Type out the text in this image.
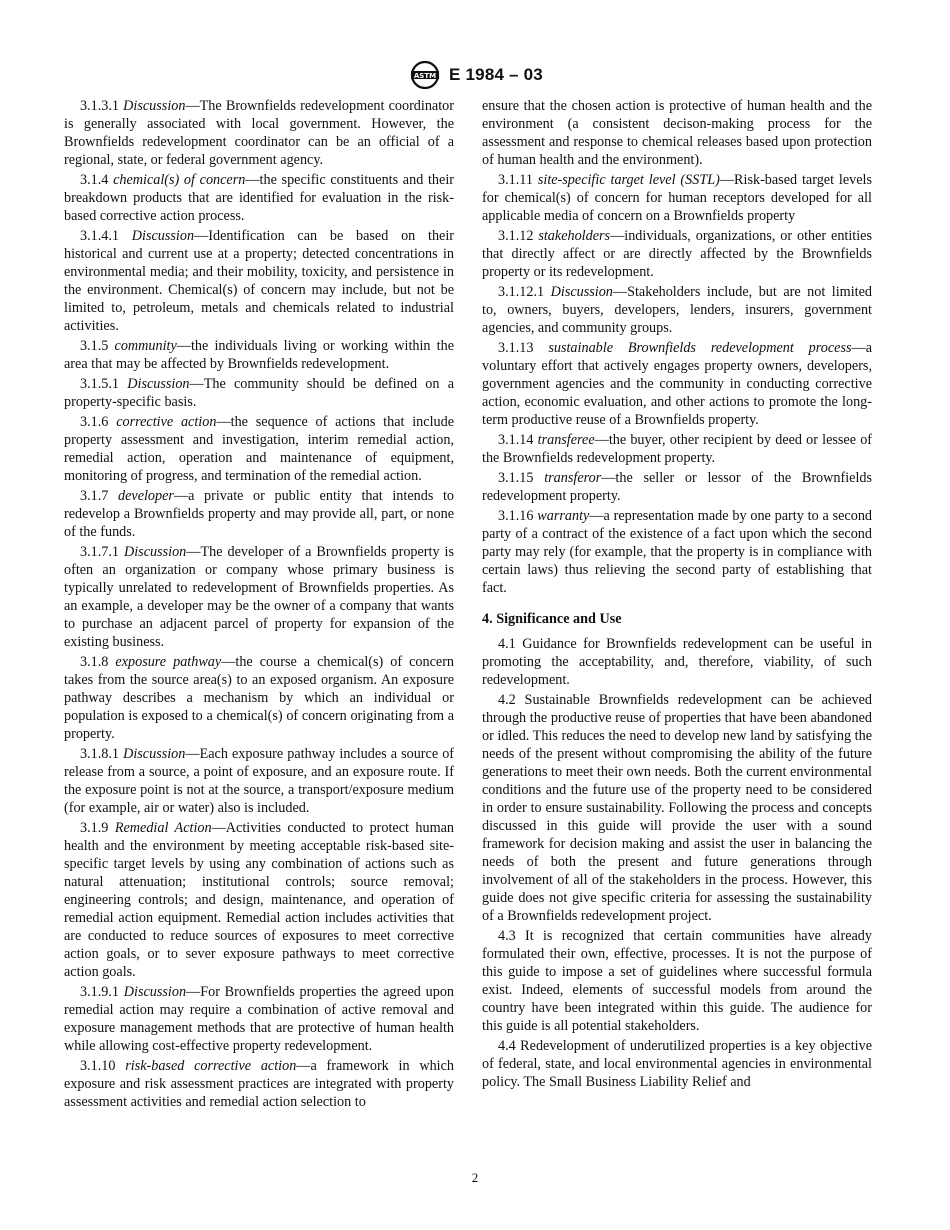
ASTM E 1984 – 03

3.1.3.1 Discussion—The Brownfields redevelopment coordinator is generally associated with local government. However, the Brownfields redevelopment coordinator can be an official of a regional, state, or federal government agency.

3.1.4 chemical(s) of concern—the specific constituents and their breakdown products that are identified for evaluation in the risk-based corrective action process.

3.1.4.1 Discussion—Identification can be based on their historical and current use at a property; detected concentrations in environmental media; and their mobility, toxicity, and persistence in the environment. Chemical(s) of concern may include, but not be limited to, petroleum, metals and chemicals related to industrial activities.

3.1.5 community—the individuals living or working within the area that may be affected by Brownfields redevelopment.

3.1.5.1 Discussion—The community should be defined on a property-specific basis.

3.1.6 corrective action—the sequence of actions that include property assessment and investigation, interim remedial action, remedial action, operation and maintenance of equipment, monitoring of progress, and termination of the remedial action.

3.1.7 developer—a private or public entity that intends to redevelop a Brownfields property and may provide all, part, or none of the funds.

3.1.7.1 Discussion—The developer of a Brownfields property is often an organization or company whose primary business is typically unrelated to redevelopment of Brownfields properties. As an example, a developer may be the owner of a company that wants to purchase an adjacent parcel of property for expansion of the existing business.

3.1.8 exposure pathway—the course a chemical(s) of concern takes from the source area(s) to an exposed organism. An exposure pathway describes a mechanism by which an individual or population is exposed to a chemical(s) of concern originating from a property.

3.1.8.1 Discussion—Each exposure pathway includes a source of release from a source, a point of exposure, and an exposure route. If the exposure point is not at the source, a transport/exposure medium (for example, air or water) also is included.

3.1.9 Remedial Action—Activities conducted to protect human health and the environment by meeting acceptable risk-based site-specific target levels by using any combination of actions such as natural attenuation; institutional controls; source removal; engineering controls; and design, maintenance, and operation of remedial action equipment. Remedial action includes activities that are conducted to reduce sources of exposures to meet corrective action goals, or to sever exposure pathways to meet corrective action goals.

3.1.9.1 Discussion—For Brownfields properties the agreed upon remedial action may require a combination of active removal and exposure management methods that are protective of human health while allowing cost-effective property redevelopment.

3.1.10 risk-based corrective action—a framework in which exposure and risk assessment practices are integrated with property assessment activities and remedial action selection to

ensure that the chosen action is protective of human health and the environment (a consistent decison-making process for the assessment and response to chemical releases based upon protection of human health and the environment).

3.1.11 site-specific target level (SSTL)—Risk-based target levels for chemical(s) of concern for human receptors developed for all applicable media of concern on a Brownfields property

3.1.12 stakeholders—individuals, organizations, or other entities that directly affect or are directly affected by the Brownfields property or its redevelopment.

3.1.12.1 Discussion—Stakeholders include, but are not limited to, owners, buyers, developers, lenders, insurers, government agencies, and community groups.

3.1.13 sustainable Brownfields redevelopment process—a voluntary effort that actively engages property owners, developers, government agencies and the community in conducting corrective action, economic evaluation, and other actions to promote the long-term productive reuse of a Brownfields property.

3.1.14 transferee—the buyer, other recipient by deed or lessee of the Brownfields redevelopment property.

3.1.15 transferor—the seller or lessor of the Brownfields redevelopment property.

3.1.16 warranty—a representation made by one party to a second party of a contract of the existence of a fact upon which the second party may rely (for example, that the property is in compliance with certain laws) thus relieving the second party of establishing that fact.

4. Significance and Use

4.1 Guidance for Brownfields redevelopment can be useful in promoting the acceptability, and, therefore, viability, of such redevelopment.

4.2 Sustainable Brownfields redevelopment can be achieved through the productive reuse of properties that have been abandoned or idled. This reduces the need to develop new land by satisfying the needs of the present without compromising the ability of the future generations to meet their own needs. Both the current environmental conditions and the future use of the property need to be considered in order to ensure sustainability. Following the process and concepts discussed in this guide will provide the user with a sound framework for decision making and assist the user in balancing the needs of both the present and future generations through involvement of all of the stakeholders in the process. However, this guide does not give specific criteria for assessing the sustainability of a Brownfields redevelopment project.

4.3 It is recognized that certain communities have already formulated their own, effective, processes. It is not the purpose of this guide to impose a set of guidelines where successful formula exist. Indeed, elements of successful models from around the country have been integrated within this guide. The audience for this guide is all potential stakeholders.

4.4 Redevelopment of underutilized properties is a key objective of federal, state, and local environmental agencies in environmental policy. The Small Business Liability Relief and

2
